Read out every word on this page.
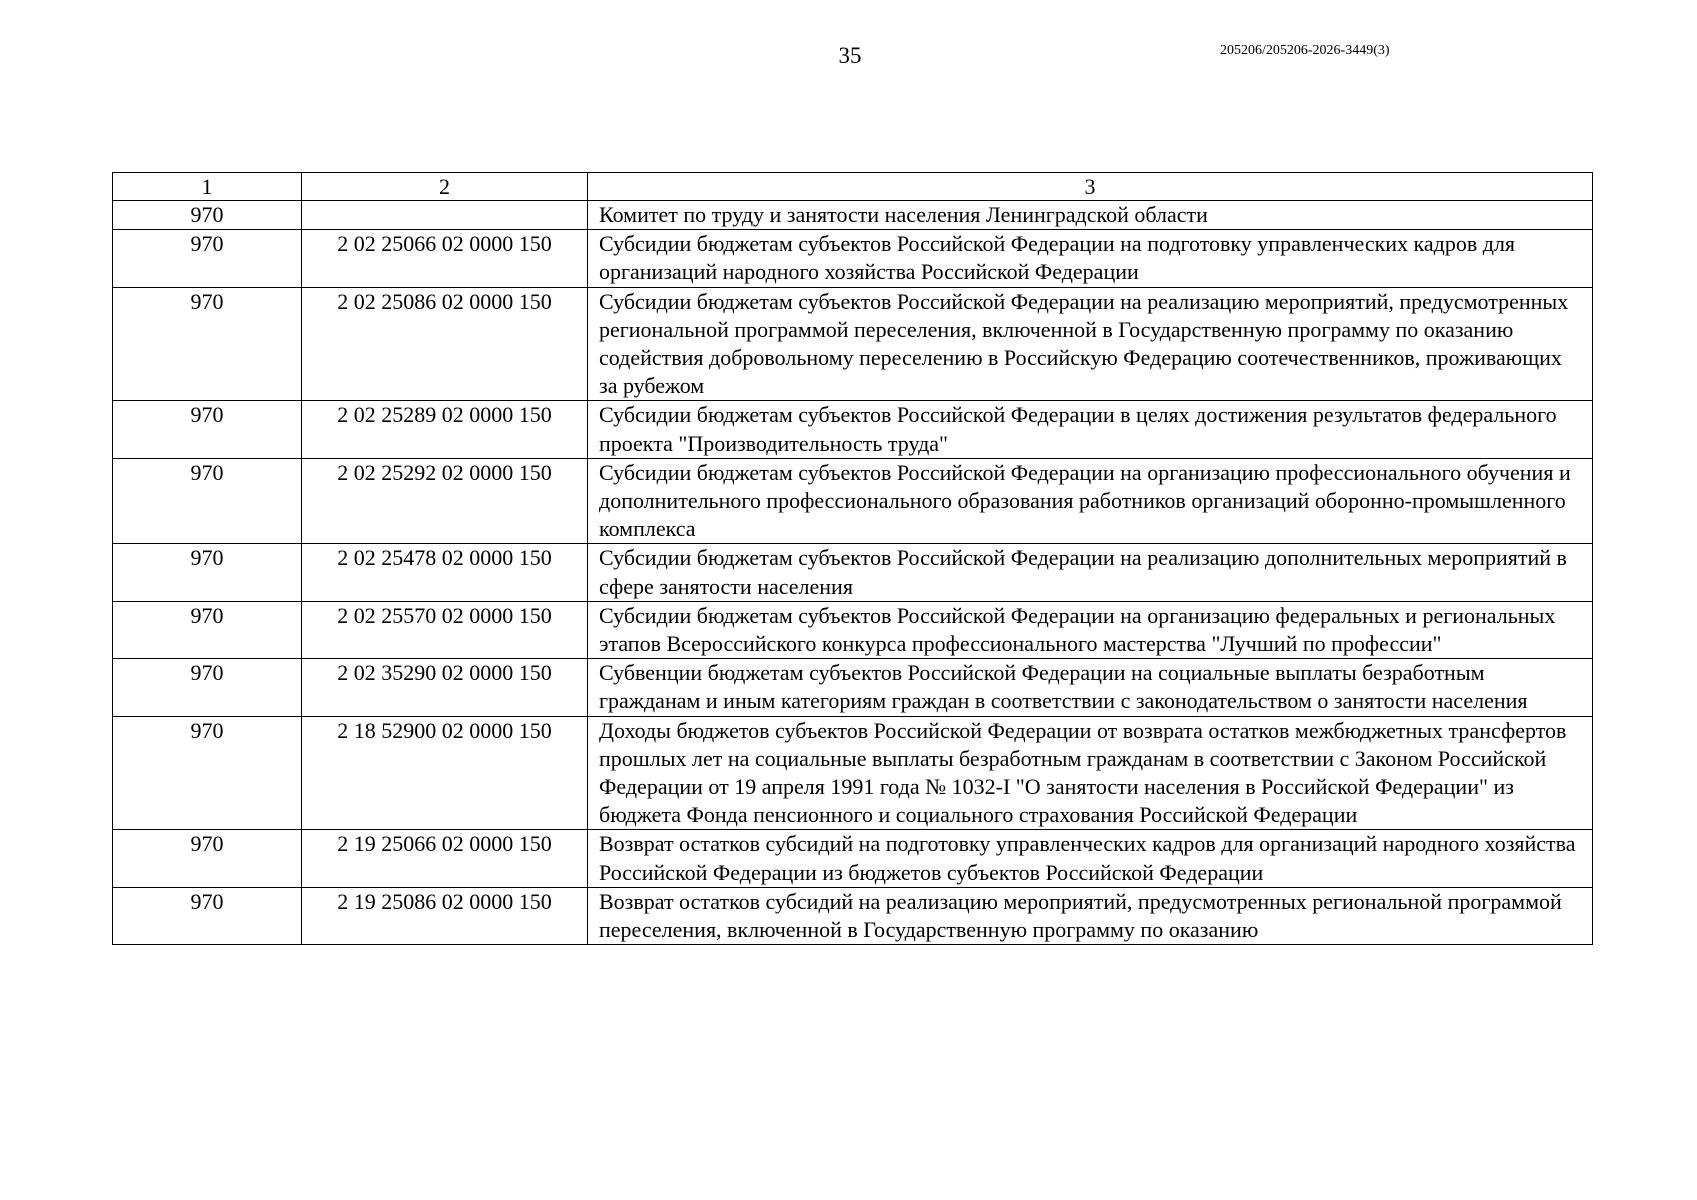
35	205206/205206-2026-3449(3)
1	2	3
970		Комитет по труду и занятости населения Ленинградской области
970	2 02 25066 02 0000 150	Субсидии бюджетам субъектов Российской Федерации на подготовку управленческих кадров для организаций народного хозяйства Российской Федерации
970	2 02 25086 02 0000 150	Субсидии бюджетам субъектов Российской Федерации на реализацию мероприятий, предусмотренных региональной программой переселения, включенной в Государственную программу по оказанию содействия добровольному переселению в Российскую Федерацию соотечественников, проживающих за рубежом
970	2 02 25289 02 0000 150	Субсидии бюджетам субъектов Российской Федерации в целях достижения результатов федерального проекта "Производительность труда"
970	2 02 25292 02 0000 150	Субсидии бюджетам субъектов Российской Федерации на организацию профессионального обучения и дополнительного профессионального образования работников организаций оборонно-промышленного комплекса
970	2 02 25478 02 0000 150	Субсидии бюджетам субъектов Российской Федерации на реализацию дополнительных мероприятий в сфере занятости населения
970	2 02 25570 02 0000 150	Субсидии бюджетам субъектов Российской Федерации на организацию федеральных и региональных этапов Всероссийского конкурса профессионального мастерства "Лучший по профессии"
970	2 02 35290 02 0000 150	Субвенции бюджетам субъектов Российской Федерации на социальные выплаты безработным гражданам и иным категориям граждан в соответствии с законодательством о занятости населения
970	2 18 52900 02 0000 150	Доходы бюджетов субъектов Российской Федерации от возврата остатков межбюджетных трансфертов прошлых лет на социальные выплаты безработным гражданам в соответствии с Законом Российской Федерации от 19 апреля 1991 года № 1032-I "О занятости населения в Российской Федерации" из бюджета Фонда пенсионного и социального страхования Российской Федерации
970	2 19 25066 02 0000 150	Возврат остатков субсидий на подготовку управленческих кадров для организаций народного хозяйства Российской Федерации из бюджетов субъектов Российской Федерации
970	2 19 25086 02 0000 150	Возврат остатков субсидий на реализацию мероприятий, предусмотренных региональной программой переселения, включенной в Государственную программу по оказанию
